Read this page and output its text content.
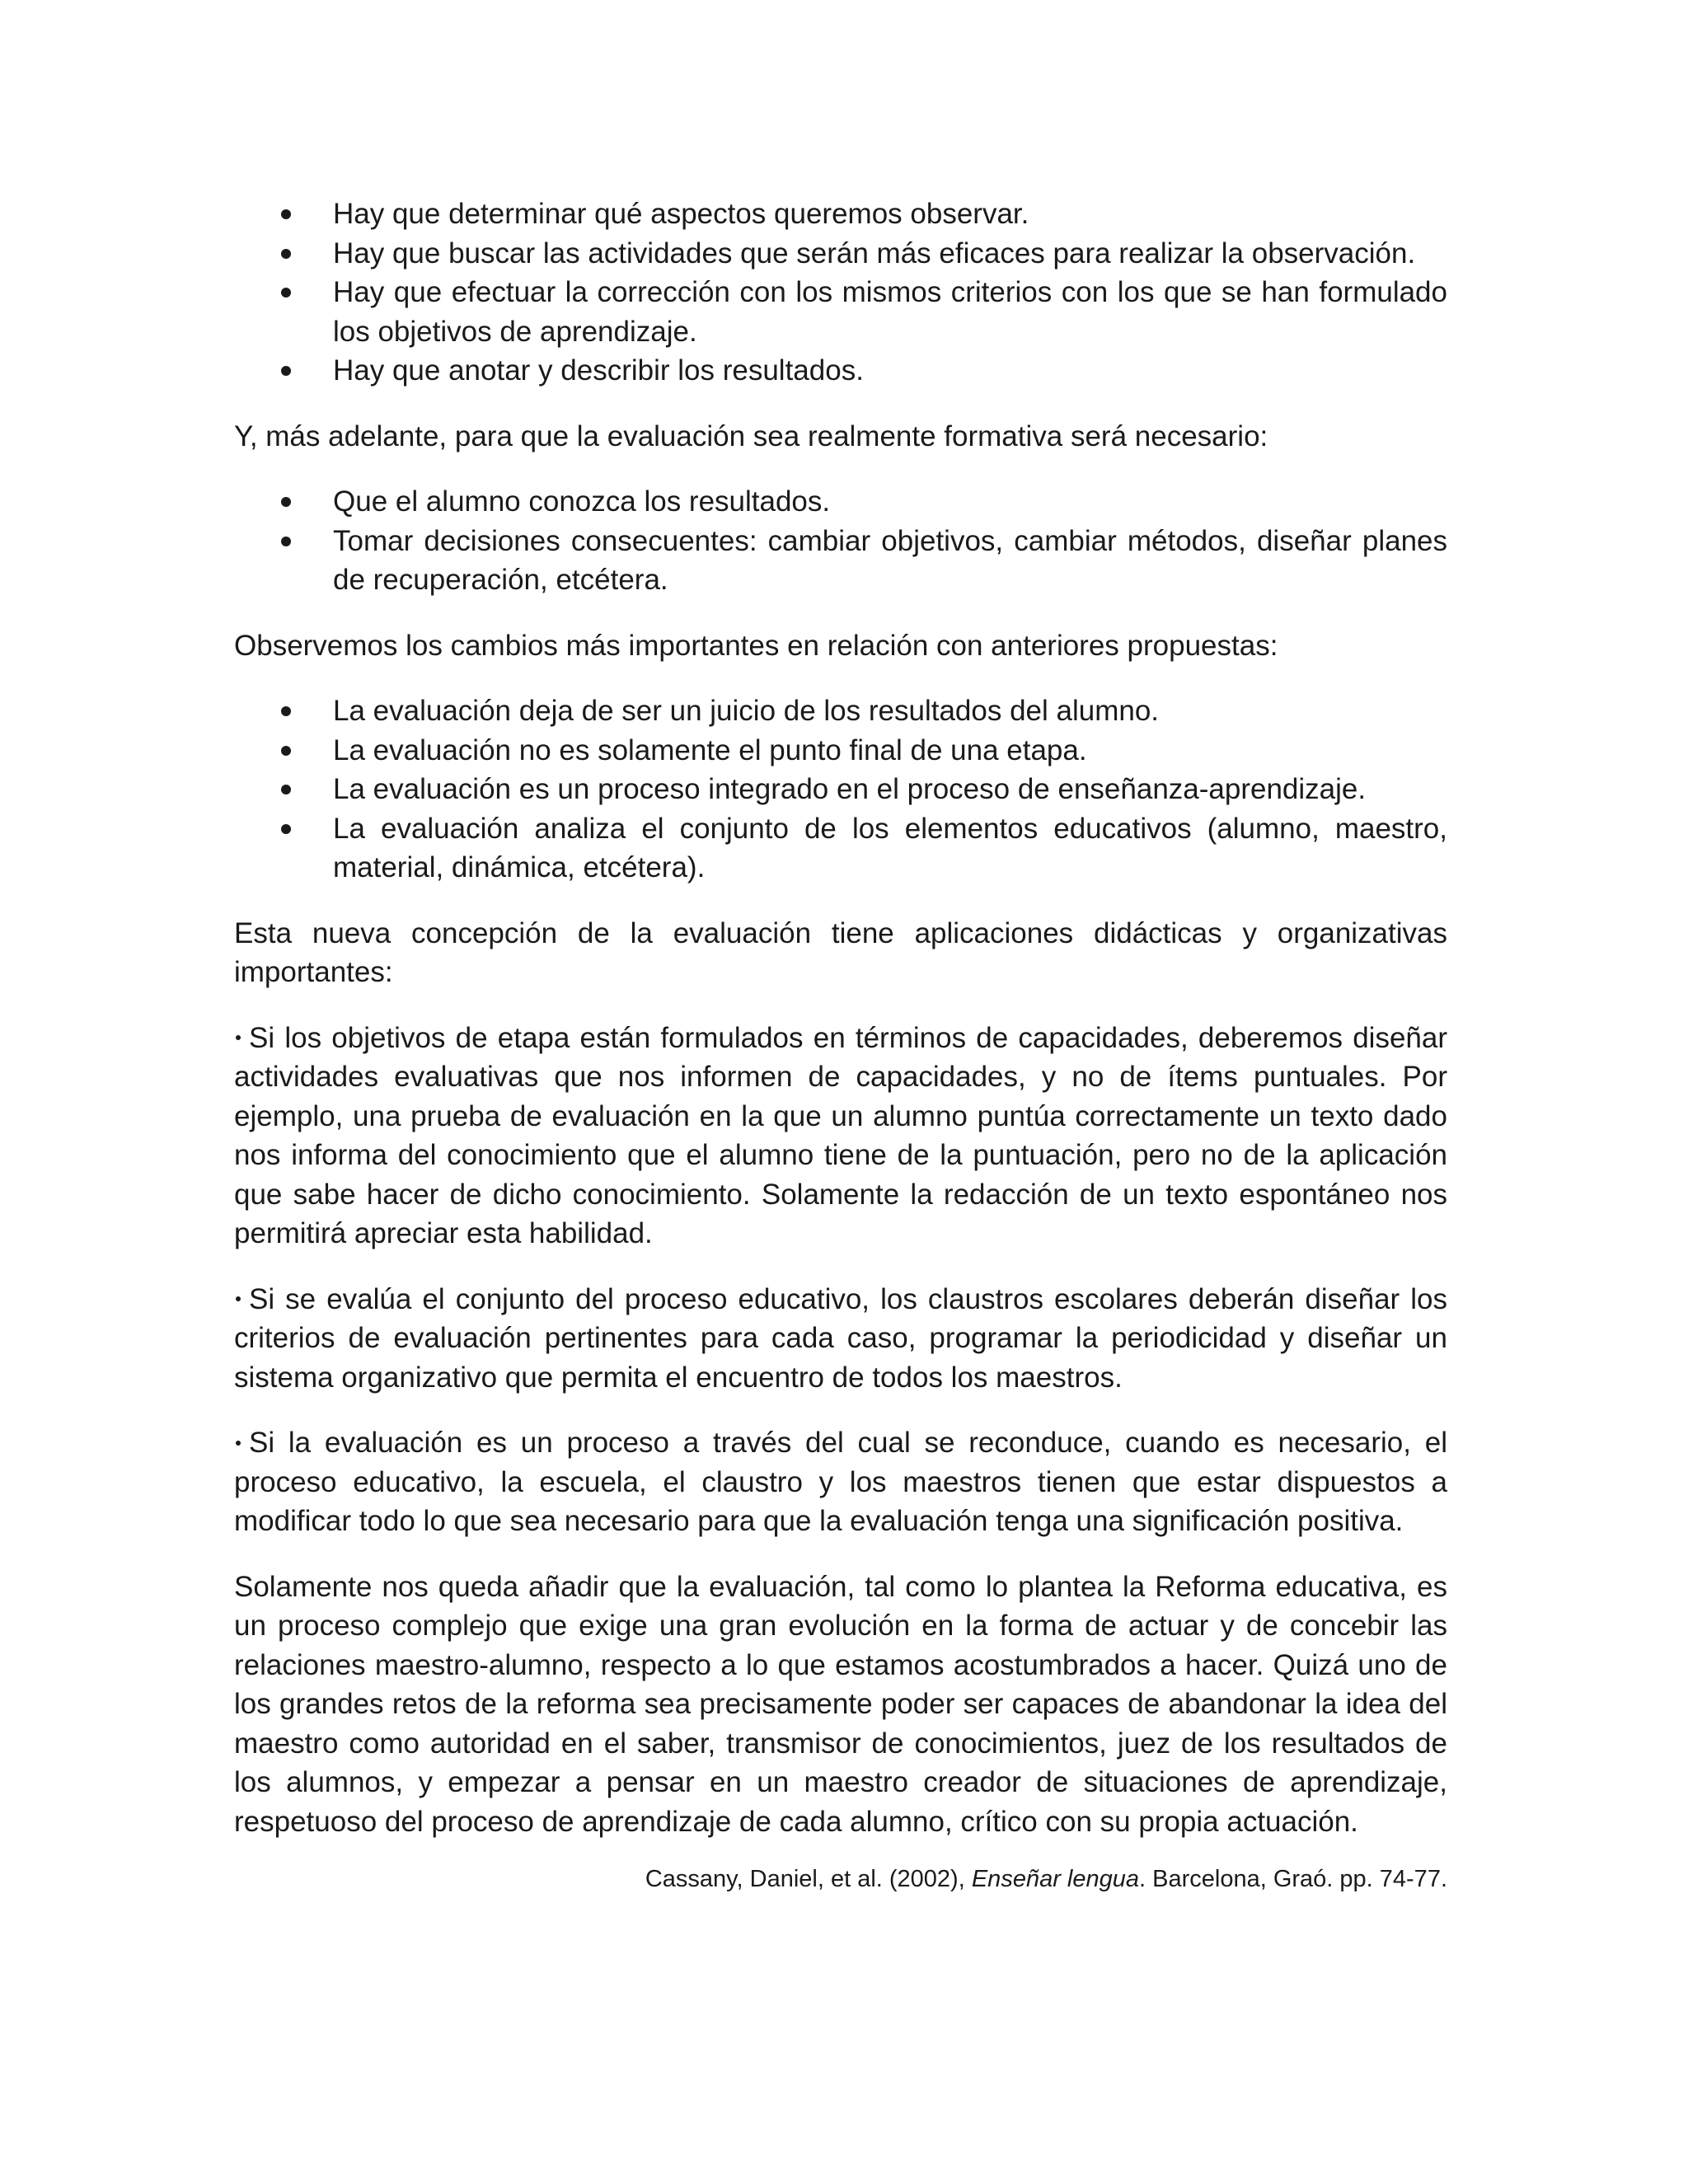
Hay que determinar qué aspectos queremos observar.
Hay que buscar las actividades que serán más eficaces para realizar la observación.
Hay que efectuar la corrección con los mismos criterios con los que se han formulado los objetivos de aprendizaje.
Hay que anotar y describir los resultados.

Y, más adelante, para que la evaluación sea realmente formativa será necesario:

Que el alumno conozca los resultados.
Tomar decisiones consecuentes: cambiar objetivos, cambiar métodos, diseñar planes de recuperación, etcétera.

Observemos los cambios más importantes en relación con anteriores propuestas:

La evaluación deja de ser un juicio de los resultados del alumno.
La evaluación no es solamente el punto final de una etapa.
La evaluación es un proceso integrado en el proceso de enseñanza-aprendizaje.
La evaluación analiza el conjunto de los elementos educativos (alumno, maestro, material, dinámica, etcétera).

Esta nueva concepción de la evaluación tiene aplicaciones didácticas y organizativas importantes:

Si los objetivos de etapa están formulados en términos de capacidades, deberemos diseñar actividades evaluativas que nos informen de capacidades, y no de ítems puntuales. Por ejemplo, una prueba de evaluación en la que un alumno puntúa correctamente un texto dado nos informa del conocimiento que el alumno tiene de la puntuación, pero no de la aplicación que sabe hacer de dicho conocimiento. Solamente la redacción de un texto espontáneo nos permitirá apreciar esta habilidad.

Si se evalúa el conjunto del proceso educativo, los claustros escolares deberán diseñar los criterios de evaluación pertinentes para cada caso, programar la periodicidad y diseñar un sistema organizativo que permita el encuentro de todos los maestros.

Si la evaluación es un proceso a través del cual se reconduce, cuando es necesario, el proceso educativo, la escuela, el claustro y los maestros tienen que estar dispuestos a modificar todo lo que sea necesario para que la evaluación tenga una significación positiva.

Solamente nos queda añadir que la evaluación, tal como lo plantea la Reforma educativa, es un proceso complejo que exige una gran evolución en la forma de actuar y de concebir las relaciones maestro-alumno, respecto a lo que estamos acostumbrados a hacer. Quizá uno de los grandes retos de la reforma sea precisamente poder ser capaces de abandonar la idea del maestro como autoridad en el saber, transmisor de conocimientos, juez de los resultados de los alumnos, y empezar a pensar en un maestro creador de situaciones de aprendizaje, respetuoso del proceso de aprendizaje de cada alumno, crítico con su propia actuación.

Cassany, Daniel, et al. (2002), Enseñar lengua. Barcelona, Graó. pp. 74-77.
